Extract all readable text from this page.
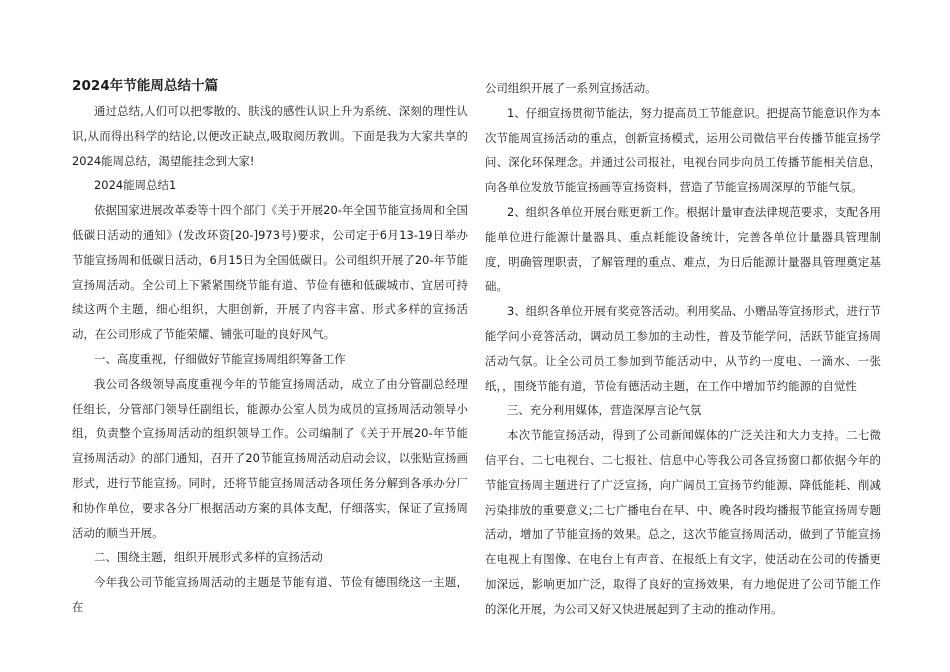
2024年节能周总结十篇

通过总结,人们可以把零散的、肤浅的感性认识上升为系统、深刻的理性认识,从而得出科学的结论,以便改正缺点,吸取阅历教训。下面是我为大家共享的2024能周总结，渴望能挂念到大家!

2024能周总结1

依据国家进展改革委等十四个部门《关于开展20-年全国节能宣扬周和全国低碳日活动的通知》(发改环资[20-]973号)要求，公司定于6月13-19日举办节能宣扬周和低碳日活动，6月15日为全国低碳日。公司组织开展了20-年节能宣扬周活动。全公司上下紧紧围绕节能有道、节俭有德和低碳城市、宜居可持续这两个主题，细心组织，大胆创新，开展了内容丰富、形式多样的宣扬活动，在公司形成了节能荣耀、铺张可耻的良好风气。

一、高度重视，仔细做好节能宣扬周组织筹备工作

我公司各级领导高度重视今年的节能宣扬周活动，成立了由分管副总经理任组长，分管部门领导任副组长，能源办公室人员为成员的宣扬周活动领导小组，负责整个宣扬周活动的组织领导工作。公司编制了《关于开展20-年节能宣扬周活动》的部门通知，召开了20节能宣扬周活动启动会议，以张贴宣扬画形式，进行节能宣扬。同时，还将节能宣扬周活动各项任务分解到各承办分厂和协作单位，要求各分厂根据活动方案的具体支配，仔细落实，保证了宣扬周活动的顺当开展。

二、围绕主题，组织开展形式多样的宣扬活动

今年我公司节能宣扬周活动的主题是节能有道、节俭有德围绕这一主题，在

公司组织开展了一系列宣扬活动。

1、仔细宣扬贯彻节能法，努力提高员工节能意识。把提高节能意识作为本次节能周宣扬活动的重点，创新宣扬模式，运用公司微信平台传播节能宣扬学问、深化环保理念。并通过公司报社，电视台同步向员工传播节能相关信息，向各单位发放节能宣扬画等宣扬资料，营造了节能宣扬周深厚的节能气氛。

2、组织各单位开展台账更新工作。根据计量审查法律规范要求，支配各用能单位进行能源计量器具、重点耗能设备统计，完善各单位计量器具管理制度，明确管理职责，了解管理的重点、难点，为日后能源计量器具管理奠定基础。

3、组织各单位开展有奖竞答活动。利用奖品、小赠品等宣扬形式，进行节能学问小竞答活动，调动员工参加的主动性，普及节能学问，活跃节能宣扬周活动气氛。让全公司员工参加到节能活动中，从节约一度电、一滴水、一张纸，，围绕节能有道，节俭有德活动主题，在工作中增加节约能源的自觉性

三、充分利用媒体，营造深厚言论气氛

本次节能宣扬活动，得到了公司新闻媒体的广泛关注和大力支持。二七微信平台、二七电视台、二七报社、信息中心等我公司各宣扬窗口都依据今年的节能宣扬周主题进行了广泛宣扬，向广阔员工宣扬节约能源、降低能耗、削减污染排放的重要意义;二七广播电台在早、中、晚各时段均播报节能宣扬周专题活动，增加了节能宣扬的效果。总之，这次节能宣扬周活动，做到了节能宣扬在电视上有图像、在电台上有声音、在报纸上有文字，使活动在公司的传播更加深远，影响更加广泛，取得了良好的宣扬效果，有力地促进了公司节能工作的深化开展，为公司又好又快进展起到了主动的推动作用。
